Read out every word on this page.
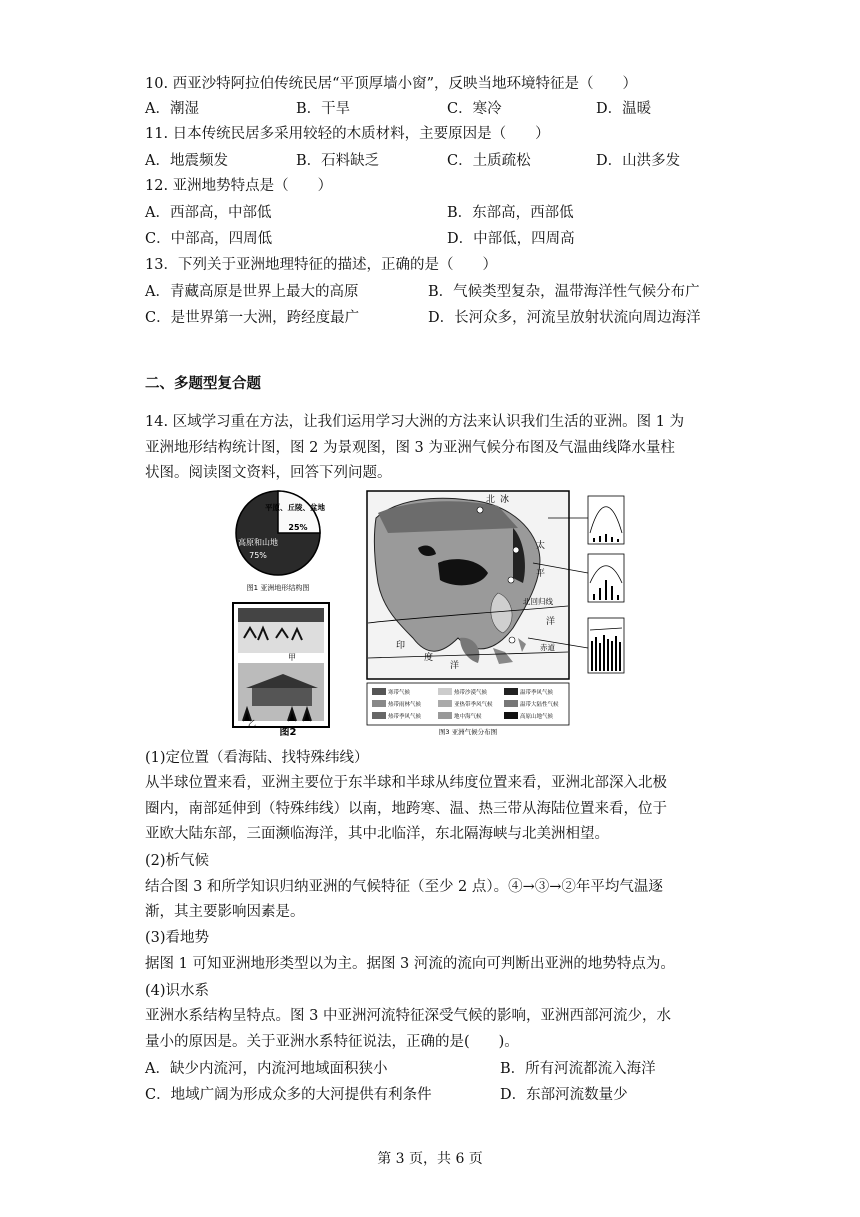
10. 西亚沙特阿拉伯传统民居“平顶厚墙小窗”，反映当地环境特征是（　　）
A．潮湿	B．干旱	C．寒冷	D．温暖
11. 日本传统民居多采用较轻的木质材料，主要原因是（　　）
A．地震频发	B．石料缺乏	C．土质疏松	D．山洪多发
12. 亚洲地势特点是（　　）
A．西部高，中部低	B．东部高，西部低
C．中部高，四周低	D．中部低，四周高
13．下列关于亚洲地理特征的描述，正确的是（　　）
A．青藏高原是世界上最大的高原	B．气候类型复杂，温带海洋性气候分布广
C．是世界第一大洲，跨经度最广	D．长河众多，河流呈放射状流向周边海洋
二、多题型复合题
14. 区域学习重在方法，让我们运用学习大洲的方法来认识我们生活的亚洲。图 1 为
亚洲地形结构统计图，图 2 为景观图，图 3 为亚洲气候分布图及气温曲线降水量柱
状图。阅读图文资料，回答下列问题。
平原、丘陵、盆地
25%
高原和山地
75%
图1 亚洲地形结构图
甲
乙
图2
北 冰
太
平
洋
北回归线
赤道
印
度
洋
寒带气候	热带沙漠气候	温带季风气候
热带雨林气候	亚热带季风气候	温带大陆性气候
热带季风气候	地中海气候	高原山地气候
图3 亚洲气候分布图
(1)定位置（看海陆、找特殊纬线）
从半球位置来看，亚洲主要位于东半球和半球从纬度位置来看，亚洲北部深入北极
圈内，南部延伸到（特殊纬线）以南，地跨寒、温、热三带从海陆位置来看，位于
亚欧大陆东部，三面濒临海洋，其中北临洋，东北隔海峡与北美洲相望。
(2)析气候
结合图 3 和所学知识归纳亚洲的气候特征（至少 2 点）。④→③→②年平均气温逐
渐，其主要影响因素是。
(3)看地势
据图 1 可知亚洲地形类型以为主。据图 3 河流的流向可判断出亚洲的地势特点为。
(4)识水系
亚洲水系结构呈特点。图 3 中亚洲河流特征深受气候的影响，亚洲西部河流少，水
量小的原因是。关于亚洲水系特征说法，正确的是(　　)。
A．缺少内流河，内流河地域面积狭小	B．所有河流都流入海洋
C．地域广阔为形成众多的大河提供有利条件	D．东部河流数量少
第 3 页，共 6 页
